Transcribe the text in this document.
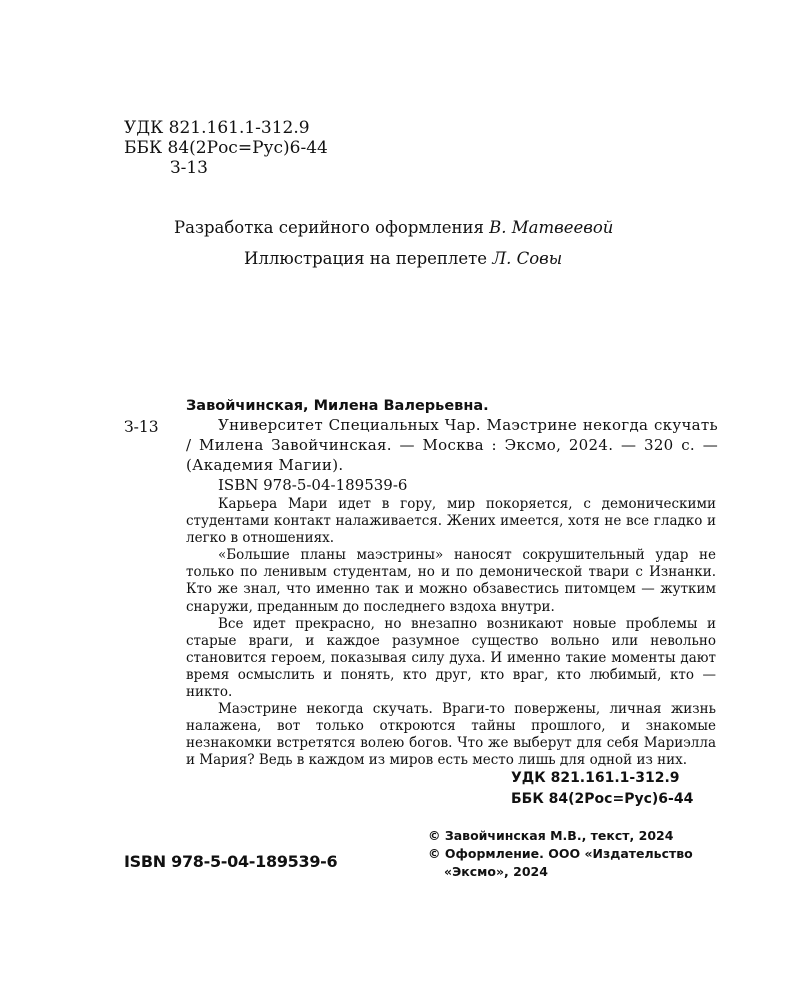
УДК 821.161.1-312.9
ББК 84(2Рос=Рус)6-44
З-13
Разработка серийного оформления В. Матвеевой
Иллюстрация на переплете Л. Совы
Завойчинская, Милена Валерьевна.
З-13	Университет Специальных Чар. Маэстрине некогда скучать / Милена Завойчинская. — Москва : Эксмо, 2024. — 320 с. — (Академия Магии).
ISBN 978-5-04-189539-6

Карьера Мари идет в гору, мир покоряется, с демоническими студентами контакт налаживается. Жених имеется, хотя не все гладко и легко в отношениях.

«Большие планы маэстрины» наносят сокрушительный удар не только по ленивым студентам, но и по демонической твари с Изнанки. Кто же знал, что именно так и можно обзавестись питомцем — жутким снаружи, преданным до последнего вздоха внутри.

Все идет прекрасно, но внезапно возникают новые проблемы и старые враги, и каждое разумное существо вольно или невольно становится героем, показывая силу духа. И именно такие моменты дают время осмыслить и понять, кто друг, кто враг, кто любимый, кто — никто.

Маэстрине некогда скучать. Враги-то повержены, личная жизнь налажена, вот только откроются тайны прошлого, и знакомые незнакомки встретятся волею богов. Что же выберут для себя Мариэлла и Мария? Ведь в каждом из миров есть место лишь для одной из них.

УДК 821.161.1-312.9
ББК 84(2Рос=Рус)6-44
ISBN 978-5-04-189539-6
© Завойчинская М.В., текст, 2024
© Оформление. ООО «Издательство
«Эксмо», 2024
